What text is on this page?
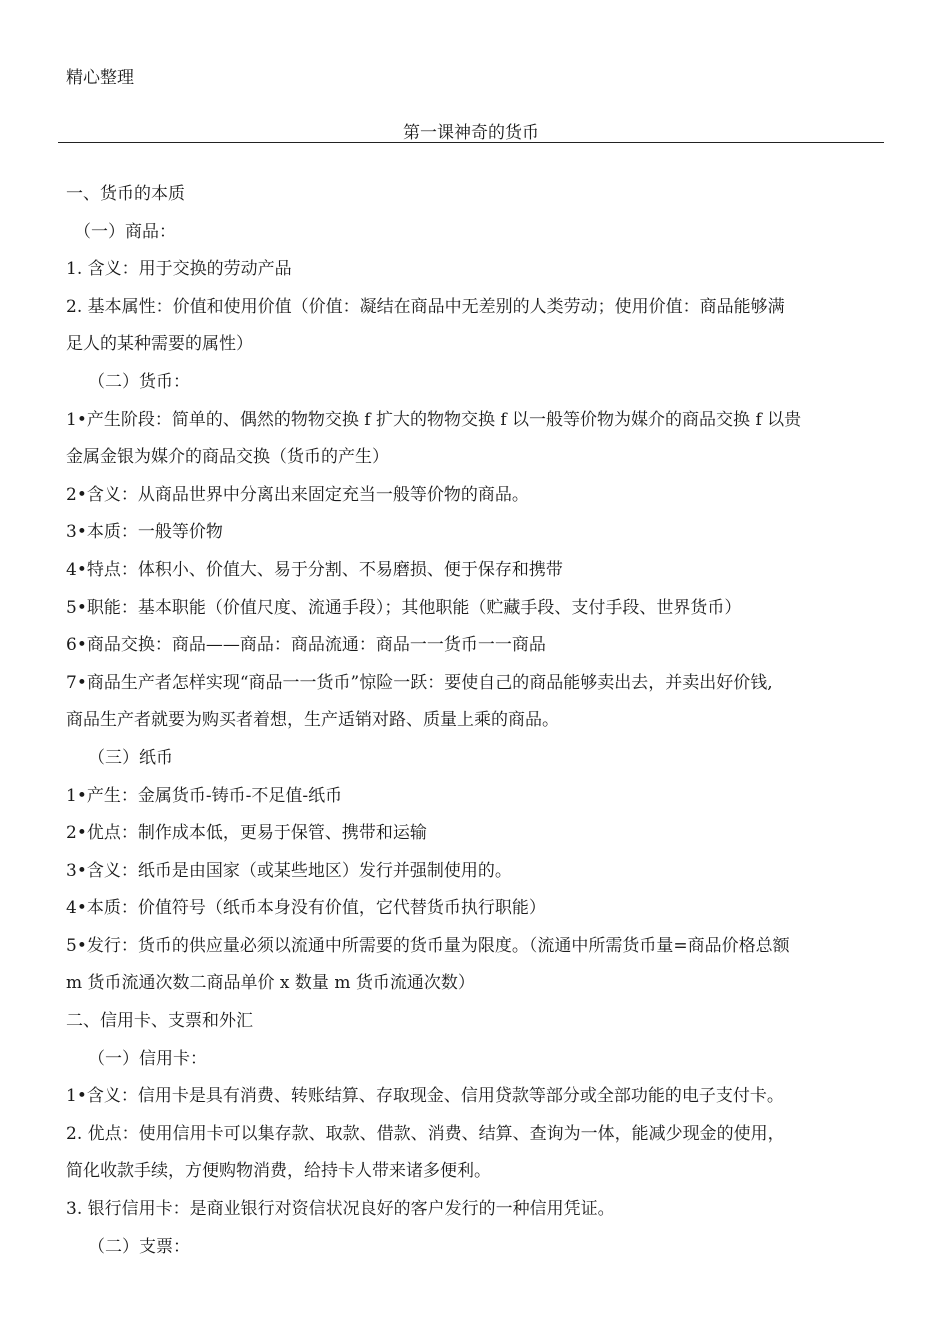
精心整理
第一课神奇的货币
一、货币的本质
（一）商品：
1. 含义：用于交换的劳动产品
2. 基本属性：价值和使用价值（价值：凝结在商品中无差别的人类劳动；使用价值：商品能够满
足人的某种需要的属性）
（二）货币：
1•产生阶段：简单的、偶然的物物交换 f 扩大的物物交换 f 以一般等价物为媒介的商品交换 f 以贵
金属金银为媒介的商品交换（货币的产生）
2•含义：从商品世界中分离出来固定充当一般等价物的商品。
3•本质：一般等价物
4•特点：体积小、价值大、易于分割、不易磨损、便于保存和携带
5•职能：基本职能（价值尺度、流通手段）；其他职能（贮藏手段、支付手段、世界货币）
6•商品交换：商品——商品：商品流通：商品一一货币一一商品
7•商品生产者怎样实现“商品一一货币”惊险一跃：要使自己的商品能够卖出去，并卖出好价钱,
商品生产者就要为购买者着想，生产适销对路、质量上乘的商品。
（三）纸币
1•产生：金属货币-铸币-不足值-纸币
2•优点：制作成本低，更易于保管、携带和运输
3•含义：纸币是由国家（或某些地区）发行并强制使用的。
4•本质：价值符号（纸币本身没有价值，它代替货币执行职能）
5•发行：货币的供应量必须以流通中所需要的货币量为限度。（流通中所需货币量=商品价格总额
m 货币流通次数二商品单价 x 数量 m 货币流通次数）
二、信用卡、支票和外汇
（一）信用卡：
1•含义：信用卡是具有消费、转账结算、存取现金、信用贷款等部分或全部功能的电子支付卡。
2. 优点：使用信用卡可以集存款、取款、借款、消费、结算、查询为一体，能减少现金的使用，
简化收款手续，方便购物消费，给持卡人带来诸多便利。
3. 银行信用卡：是商业银行对资信状况良好的客户发行的一种信用凭证。
（二）支票：
